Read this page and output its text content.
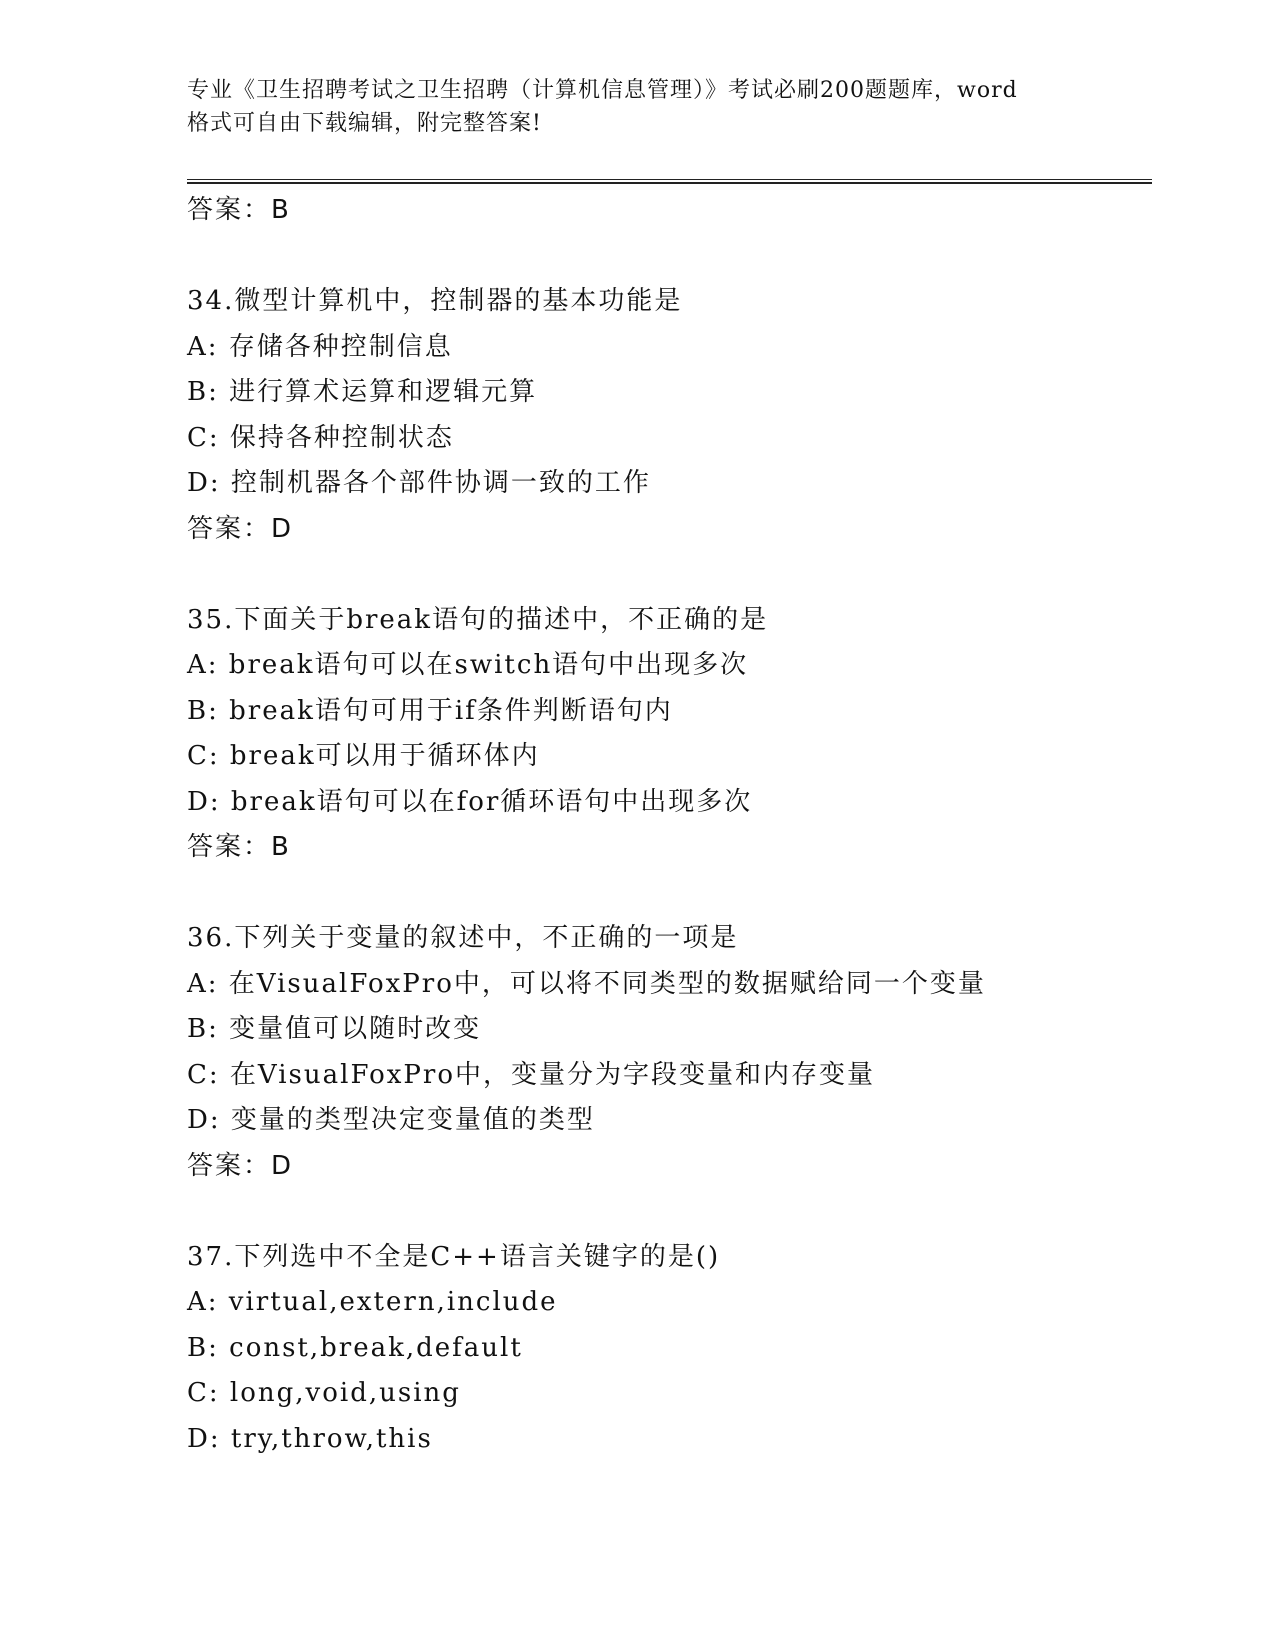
专业《卫生招聘考试之卫生招聘（计算机信息管理）》考试必刷200题题库，word
格式可自由下载编辑，附完整答案!
答案：B
34.微型计算机中，控制器的基本功能是
A: 存储各种控制信息
B: 进行算术运算和逻辑元算
C: 保持各种控制状态
D: 控制机器各个部件协调一致的工作
答案：D
35.下面关于break语句的描述中，不正确的是
A: break语句可以在switch语句中出现多次
B: break语句可用于if条件判断语句内
C: break可以用于循环体内
D: break语句可以在for循环语句中出现多次
答案：B
36.下列关于变量的叙述中，不正确的一项是
A: 在VisualFoxPro中，可以将不同类型的数据赋给同一个变量
B: 变量值可以随时改变
C: 在VisualFoxPro中，变量分为字段变量和内存变量
D: 变量的类型决定变量值的类型
答案：D
37.下列选中不全是C++语言关键字的是()
A: virtual,extern,include
B: const,break,default
C: long,void,using
D: try,throw,this
